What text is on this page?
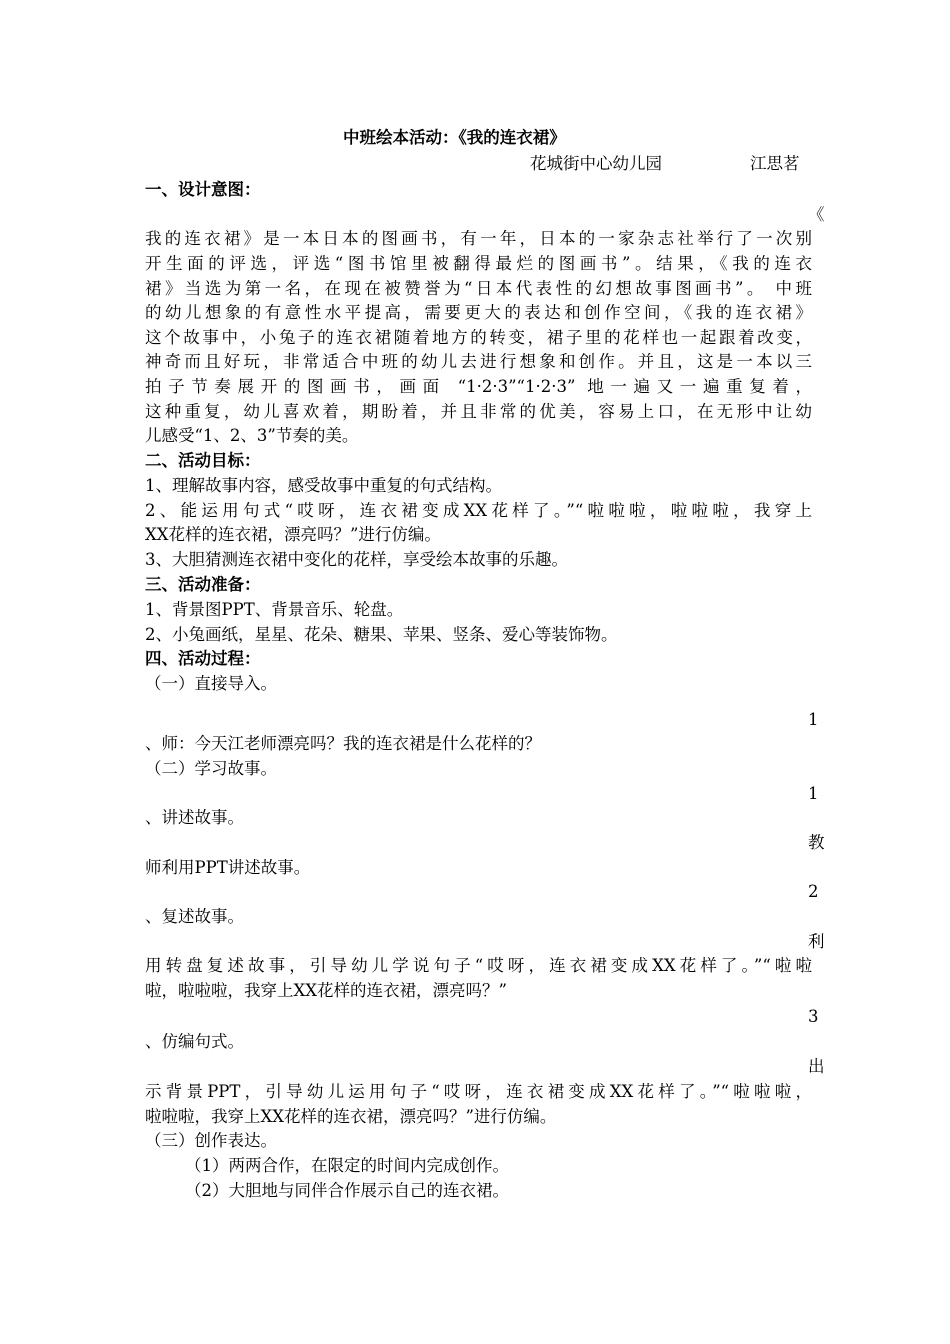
中班绘本活动：《我的连衣裙》
花城街中心幼儿园	江思茗
一、设计意图：
《
我的连衣裙》是一本日本的图画书，有一年，日本的一家杂志社举行了一次别
开生面的评选，评选“图书馆里被翻得最烂的图画书”。结果，《我的连衣
裙》当选为第一名，在现在被赞誉为“日本代表性的幻想故事图画书”。 中班
的幼儿想象的有意性水平提高，需要更大的表达和创作空间，《我的连衣裙》
这个故事中，小兔子的连衣裙随着地方的转变，裙子里的花样也一起跟着改变，
神奇而且好玩，非常适合中班的幼儿去进行想象和创作。并且，这是一本以三
拍子节奏展开的图画书，画面 “1·2·3”“1·2·3” 地一遍又一遍重复着，
这种重复，幼儿喜欢着，期盼着，并且非常的优美，容易上口，在无形中让幼
儿感受“1、2、3”节奏的美。
二、活动目标：
1、理解故事内容，感受故事中重复的句式结构。
2、能运用句式“哎呀，连衣裙变成XX花样了。”“啦啦啦，啦啦啦，我穿上
XX花样的连衣裙，漂亮吗？”进行仿编。
3、大胆猜测连衣裙中变化的花样，享受绘本故事的乐趣。
三、活动准备：
1、背景图PPT、背景音乐、轮盘。
2、小兔画纸，星星、花朵、糖果、苹果、竖条、爱心等装饰物。
四、活动过程：
（一）直接导入。
1
、师：今天江老师漂亮吗？我的连衣裙是什么花样的？
（二）学习故事。
1
、讲述故事。
教
师利用PPT讲述故事。
2
、复述故事。
利
用转盘复述故事，引导幼儿学说句子“哎呀，连衣裙变成XX花样了。”“啦啦
啦，啦啦啦，我穿上XX花样的连衣裙，漂亮吗？”
3
、仿编句式。
出
示背景PPT，引导幼儿运用句子“哎呀，连衣裙变成XX花样了。”“啦啦啦，
啦啦啦，我穿上XX花样的连衣裙，漂亮吗？”进行仿编。
（三）创作表达。
（1）两两合作，在限定的时间内完成创作。
（2）大胆地与同伴合作展示自己的连衣裙。
